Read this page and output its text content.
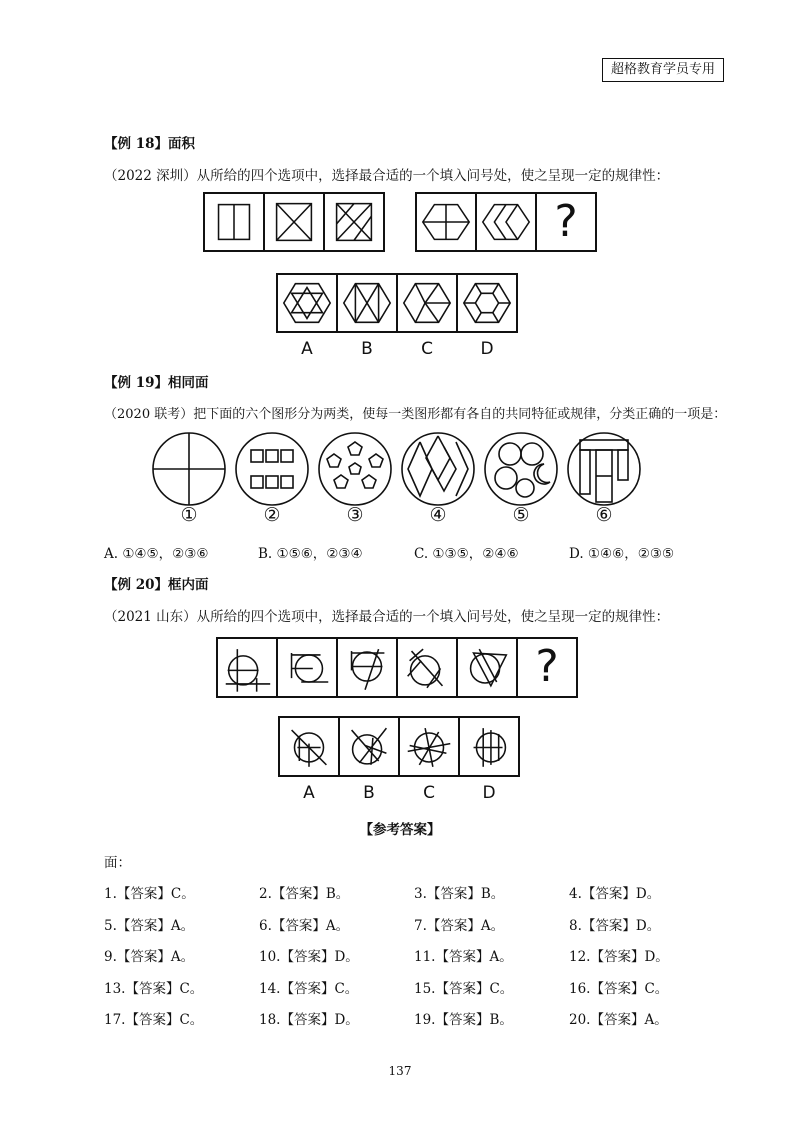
超格教育学员专用
【例 18】面积
（2022 深圳）从所给的四个选项中，选择最合适的一个填入问号处，使之呈现一定的规律性：
?
A	B	C	D
【例 19】相同面
（2020 联考）把下面的六个图形分为两类，使每一类图形都有各自的共同特征或规律，分类正确的一项是：
①	②	③	④	⑤	⑥
A. ①④⑤，②③⑥	B. ①⑤⑥，②③④	C. ①③⑤，②④⑥	D. ①④⑥，②③⑤
【例 20】框内面
（2021 山东）从所给的四个选项中，选择最合适的一个填入问号处，使之呈现一定的规律性：
?
A	B	C	D
【参考答案】
面：
1.【答案】C。	2.【答案】B。	3.【答案】B。	4.【答案】D。
5.【答案】A。	6.【答案】A。	7.【答案】A。	8.【答案】D。
9.【答案】A。	10.【答案】D。	11.【答案】A。	12.【答案】D。
13.【答案】C。	14.【答案】C。	15.【答案】C。	16.【答案】C。
17.【答案】C。	18.【答案】D。	19.【答案】B。	20.【答案】A。
137
